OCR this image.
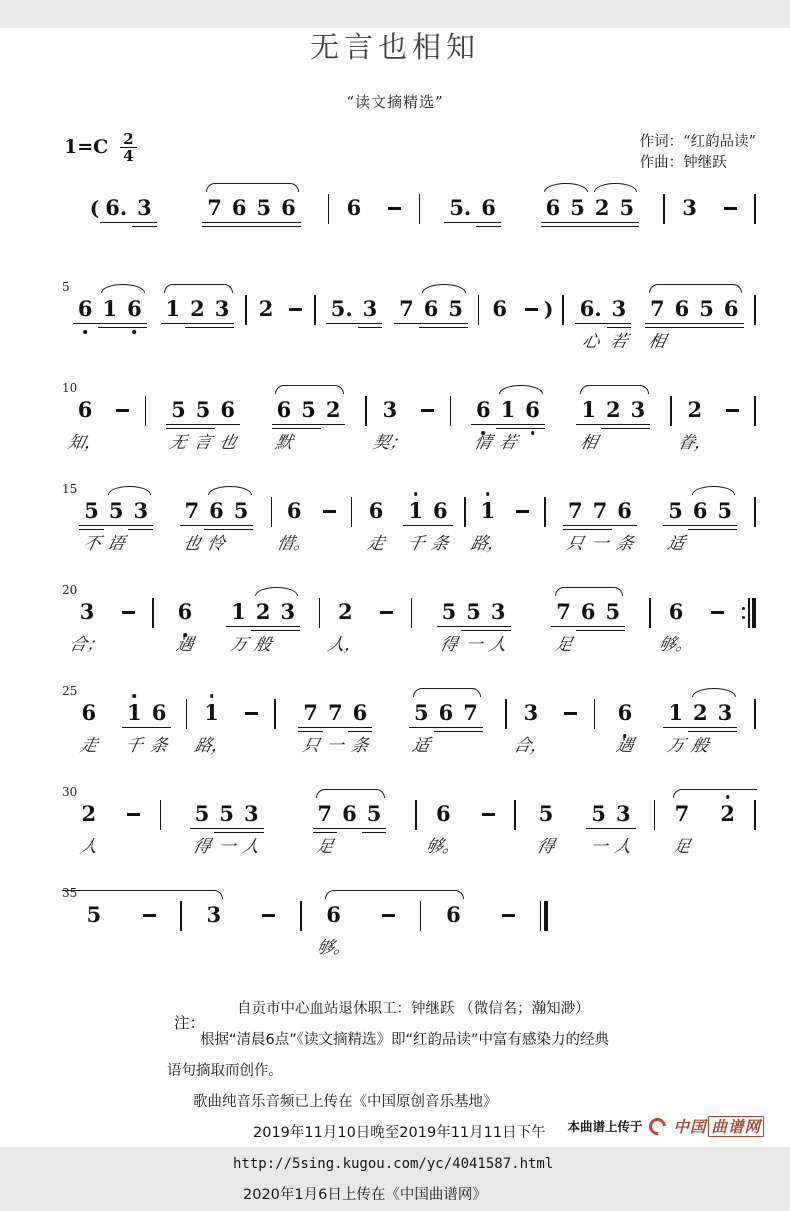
无言也相知
“读文摘精选”
$1=C \frac{2}{4}$	作词：“红韵品读”
作曲：钟继跃
( 6. 3	7 6 5 6 6	5. 6 6 5 2 5 3
5
6 1 6 1 2 3 2	5. 3 7 6 5 6 ) 6.
心
3
若
7
相
6 5 6
10
6
知，
5
无
5
言
6
也
6
默
5 2 3
契；
6
情
1
若
6 1
相
2 3 2
眷，
15
5
不
5
语
3 7
也
6
怜
5 6
惜。
6
走
1
千
6
条
1
路，
7
只
7
一
6
条
5
适
6 5
20
3
合；
6
遇
1
万
2
般
3 2
人，
5
得
5
一
3
人
7
足
6 5 6
够。
25
6
走
1
千
6
条
1
路，
7
只
7
一
6
条
5
适
6 7 3
合，
6
遇
1
万
2
般
3
30
2
人
5
得
5
一
3
人
7
足
6 5	6
够。
5
得
5
一
3
人
7
足
2
35
5	3	6
够。
6
注：
自贡市中心血站退休职工：钟继跃 （微信名；瀚知渺）
根据“清晨6点”《读文摘精选》即“红韵品读”中富有感染力的经典
语句摘取而创作。
歌曲纯音乐音频已上传在《中国原创音乐基地》
2019年11月10日晚至2019年11月11日下午
http://5sing.kugou.com/yc/4041587.html
2020年1月6日上传在《中国曲谱网》
本曲谱上传于 中国 曲谱网
